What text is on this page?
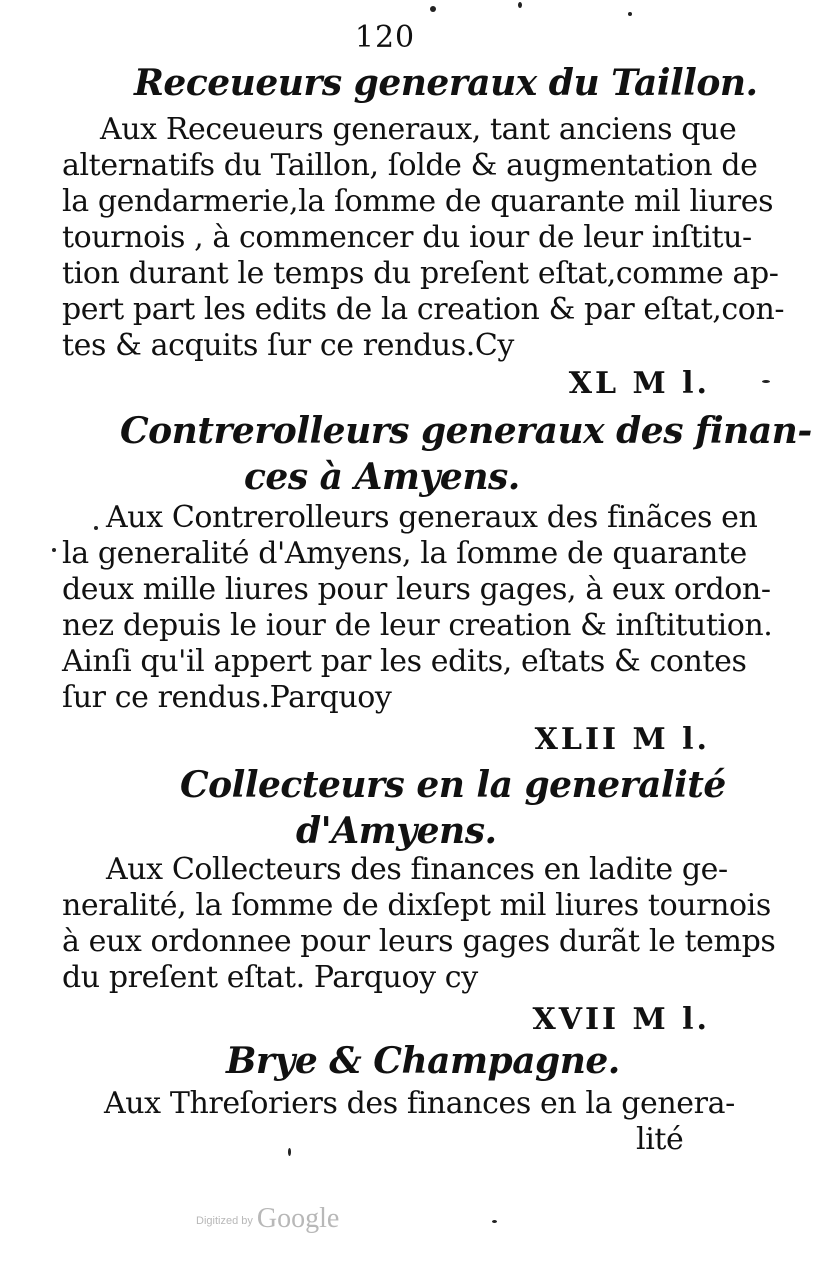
120
Receueurs generaux du Taillon.
Aux Receueurs generaux, tant anciens que
alternatifs du Taillon, ſolde & augmentation de
la gendarmerie,la ſomme de quarante mil liures
tournois , à commencer du iour de leur inſtitu-
tion durant le temps du preſent eſtat,comme ap-
pert part les edits de la creation & par eſtat,con-
tes & acquits ſur ce rendus.Cy
XL M l.
Contrerolleurs generaux des finan-
ces à Amyens.
Aux Contrerolleurs generaux des finãces en
la generalité d'Amyens, la ſomme de quarante
deux mille liures pour leurs gages, à eux ordon-
nez depuis le iour de leur creation & inſtitution.
Ainſi qu'il appert par les edits, eſtats & contes
ſur ce rendus.Parquoy
XLII M l.
Collecteurs en la generalité
d'Amyens.
Aux Collecteurs des finances en ladite ge-
neralité, la ſomme de dixſept mil liures tournois
à eux ordonnee pour leurs gages durãt le temps
du preſent eſtat. Parquoy cy
XVII M l.
Brye & Champagne.
Aux Threſoriers des finances en la genera-
lité
Digitized by Google
